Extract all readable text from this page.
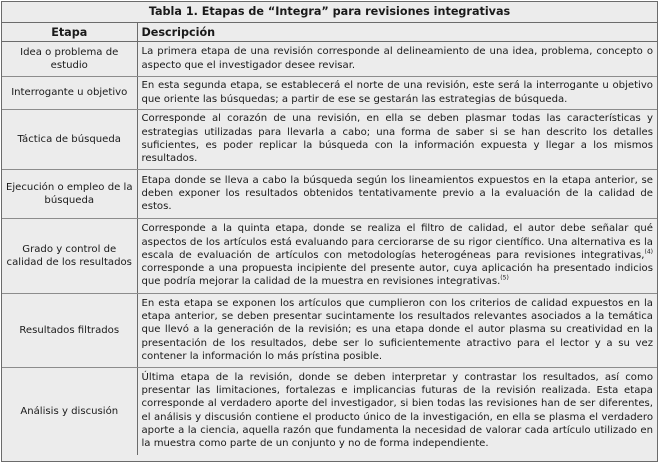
Tabla 1. Etapas de “Integra” para revisiones integrativas
Etapa	Descripción
Idea o problema de estudio	La primera etapa de una revisión corresponde al delineamiento de una idea, problema, concepto o aspecto que el investigador desee revisar.
Interrogante u objetivo	En esta segunda etapa, se establecerá el norte de una revisión, este será la interrogante u objetivo que oriente las búsquedas; a partir de ese se gestarán las estrategias de búsqueda.
Táctica de búsqueda	Corresponde al corazón de una revisión, en ella se deben plasmar todas las características y estrategias utilizadas para llevarla a cabo; una forma de saber si se han descrito los detalles suficientes, es poder replicar la búsqueda con la información expuesta y llegar a los mismos resultados.
Ejecución o empleo de la búsqueda	Etapa donde se lleva a cabo la búsqueda según los lineamientos expuestos en la etapa anterior, se deben exponer los resultados obtenidos tentativamente previo a la evaluación de la calidad de estos.
Grado y control de calidad de los resultados	Corresponde a la quinta etapa, donde se realiza el filtro de calidad, el autor debe señalar qué aspectos de los artículos está evaluando para cerciorarse de su rigor científico. Una alternativa es la escala de evaluación de artículos con metodologías heterogéneas para revisiones integrativas,$^{(4)}$ corresponde a una propuesta incipiente del presente autor, cuya aplicación ha presentado indicios que podría mejorar la calidad de la muestra en revisiones integrativas.$^{(5)}$
Resultados filtrados	En esta etapa se exponen los artículos que cumplieron con los criterios de calidad expuestos en la etapa anterior, se deben presentar sucintamente los resultados relevantes asociados a la temática que llevó a la generación de la revisión; es una etapa donde el autor plasma su creatividad en la presentación de los resultados, debe ser lo suficientemente atractivo para el lector y a su vez contener la información lo más prístina posible.
Análisis y discusión	Última etapa de la revisión, donde se deben interpretar y contrastar los resultados, así como presentar las limitaciones, fortalezas e implicancias futuras de la revisión realizada. Esta etapa corresponde al verdadero aporte del investigador, si bien todas las revisiones han de ser diferentes, el análisis y discusión contiene el producto único de la investigación, en ella se plasma el verdadero aporte a la ciencia, aquella razón que fundamenta la necesidad de valorar cada artículo utilizado en la muestra como parte de un conjunto y no de forma independiente.
